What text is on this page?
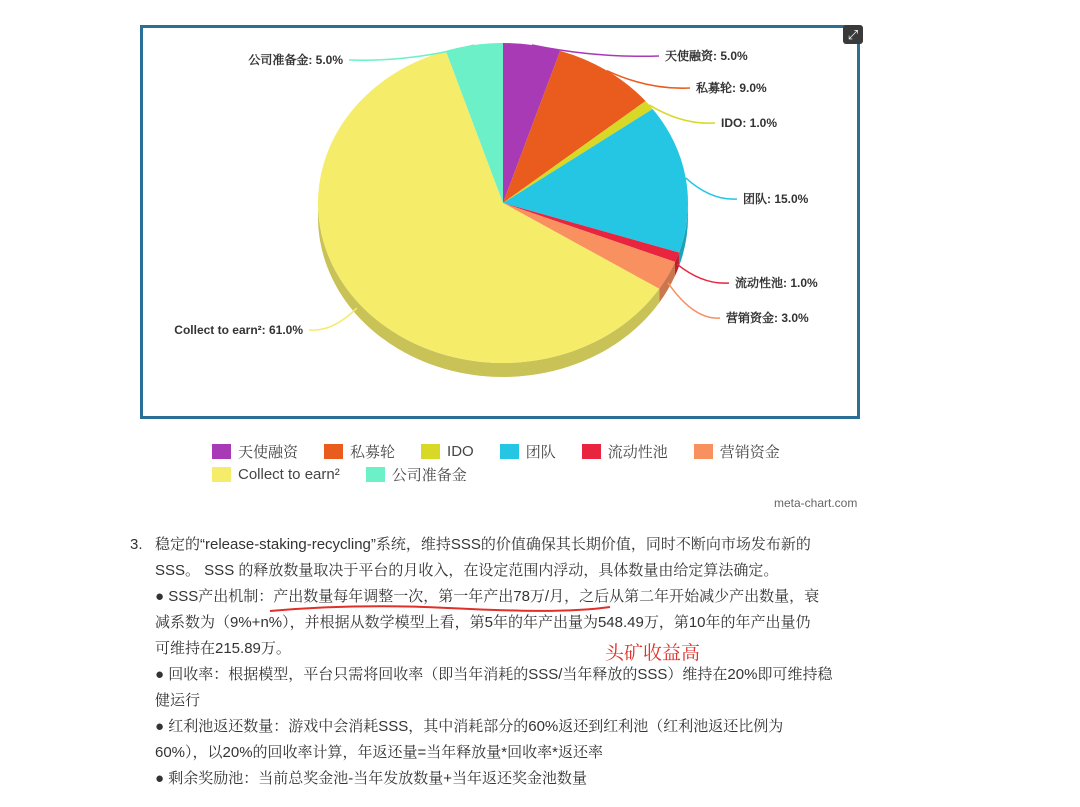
天使融资: 5.0%
私募轮: 9.0%
IDO: 1.0%
团队: 15.0%
流动性池: 1.0%
营销资金: 3.0%
Collect to earn²: 61.0%
公司准备金: 5.0%
⤢
天使融资	私募轮	IDO	团队	流动性池	营销资金
Collect to earn²	公司准备金
meta-chart.com

3. 稳定的“release-staking-recycling”系统，维持SSS的价值确保其长期价值，同时不断向市场发布新的

SSS。 SSS 的释放数量取决于平台的月收入，在设定范围内浮动，具体数量由给定算法确定。

● SSS产出机制：产出数量每年调整一次，第一年产出78万/月，之后从第二年开始减少产出数量，衰

减系数为（9%+n%），并根据从数学模型上看，第5年的年产出量为548.49万，第10年的年产出量仍

可维持在215.89万。

● 回收率：根据模型，平台只需将回收率（即当年消耗的SSS/当年释放的SSS）维持在20%即可维持稳

健运行

● 红利池返还数量：游戏中会消耗SSS，其中消耗部分的60%返还到红利池（红利池返还比例为

60%），以20%的回收率计算，年返还量=当年释放量*回收率*返还率

● 剩余奖励池：当前总奖金池-当年发放数量+当年返还奖金池数量

头矿收益高
